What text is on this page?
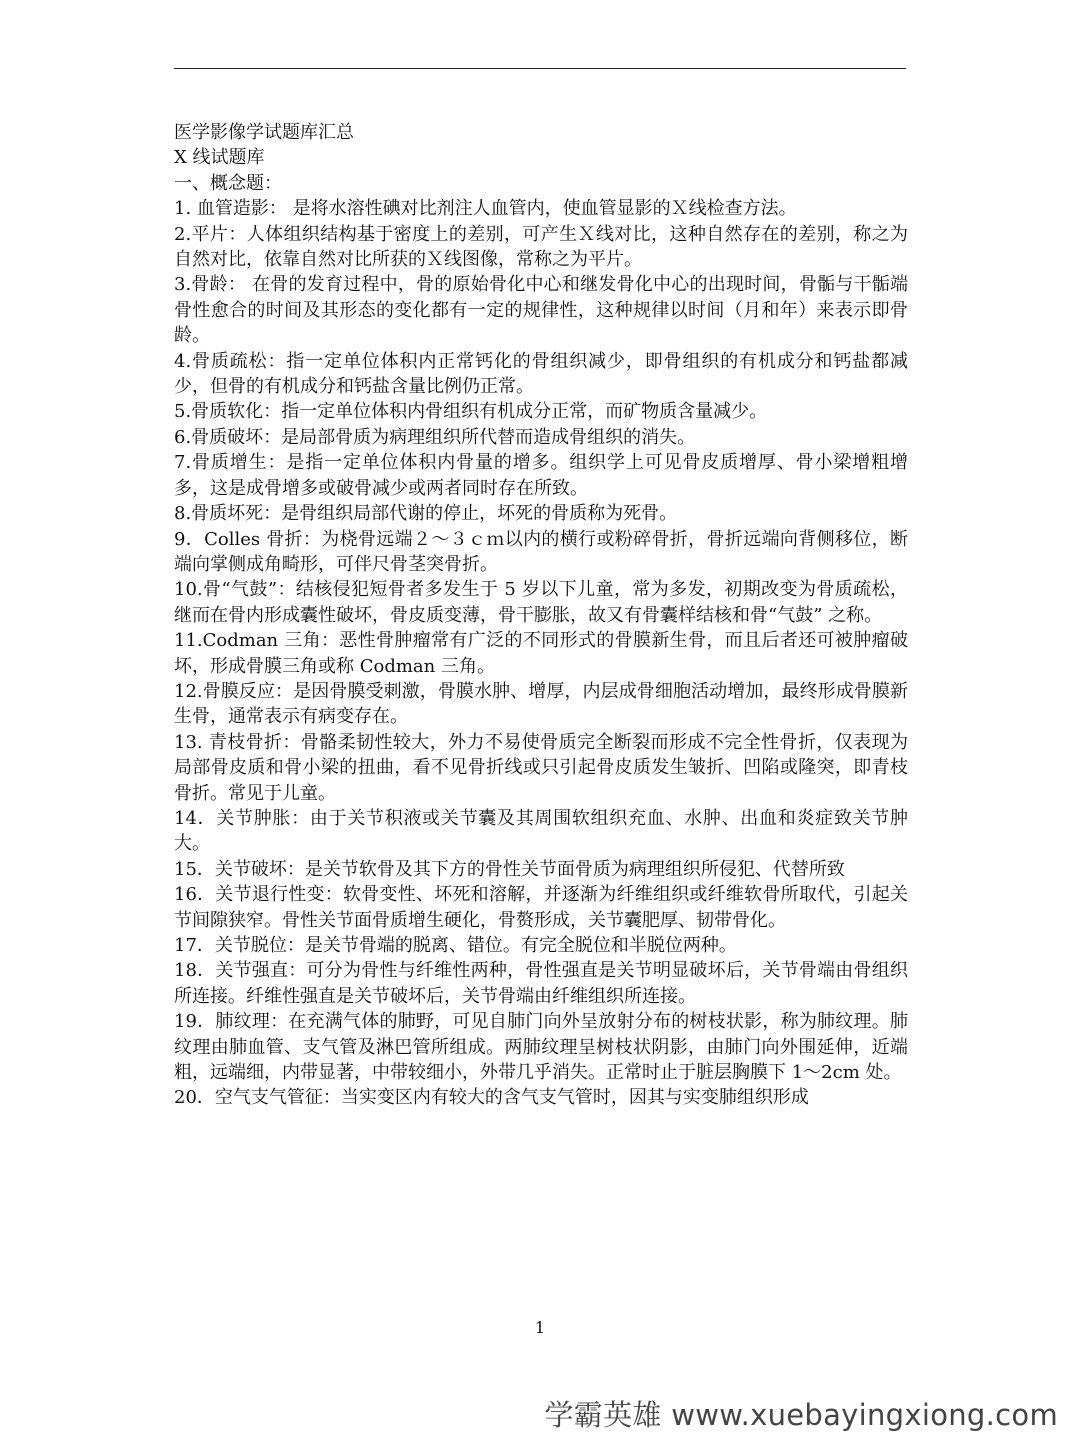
医学影像学试题库汇总

X 线试题库

一、概念题：

1. 血管造影： 是将水溶性碘对比剂注人血管内，使血管显影的Ｘ线检查方法。

2.平片：人体组织结构基于密度上的差别，可产生Ｘ线对比，这种自然存在的差别，称之为自然对比，依靠自然对比所获的Ｘ线图像，常称之为平片。

3.骨龄： 在骨的发育过程中，骨的原始骨化中心和继发骨化中心的出现时间，骨骺与干骺端骨性愈合的时间及其形态的变化都有一定的规律性，这种规律以时间（月和年）来表示即骨龄。

4.骨质疏松：指一定单位体积内正常钙化的骨组织减少，即骨组织的有机成分和钙盐都减少，但骨的有机成分和钙盐含量比例仍正常。

5.骨质软化：指一定单位体积内骨组织有机成分正常，而矿物质含量减少。

6.骨质破坏：是局部骨质为病理组织所代替而造成骨组织的消失。

7.骨质增生：是指一定单位体积内骨量的增多。组织学上可见骨皮质增厚、骨小梁增粗增多，这是成骨增多或破骨减少或两者同时存在所致。

8.骨质坏死：是骨组织局部代谢的停止，坏死的骨质称为死骨。

9．Colles 骨折：为桡骨远端２～３ｃｍ以内的横行或粉碎骨折，骨折远端向背侧移位，断端向掌侧成角畸形，可伴尺骨茎突骨折。

10.骨“气鼓”：结核侵犯短骨者多发生于 5 岁以下儿童，常为多发，初期改变为骨质疏松，继而在骨内形成囊性破坏，骨皮质变薄，骨干膨胀，故又有骨囊样结核和骨“气鼓” 之称。

11.Codman 三角：恶性骨肿瘤常有广泛的不同形式的骨膜新生骨，而且后者还可被肿瘤破坏，形成骨膜三角或称 Codman 三角。

12.骨膜反应：是因骨膜受刺激，骨膜水肿、增厚，内层成骨细胞活动增加，最终形成骨膜新生骨，通常表示有病变存在。

13. 青枝骨折：骨骼柔韧性较大，外力不易使骨质完全断裂而形成不完全性骨折，仅表现为局部骨皮质和骨小梁的扭曲，看不见骨折线或只引起骨皮质发生皱折、凹陷或隆突，即青枝骨折。常见于儿童。

14．关节肿胀：由于关节积液或关节囊及其周围软组织充血、水肿、出血和炎症致关节肿大。

15．关节破坏：是关节软骨及其下方的骨性关节面骨质为病理组织所侵犯、代替所致

16．关节退行性变：软骨变性、坏死和溶解，并逐渐为纤维组织或纤维软骨所取代，引起关节间隙狭窄。骨性关节面骨质增生硬化，骨赘形成，关节囊肥厚、韧带骨化。

17．关节脱位：是关节骨端的脱离、错位。有完全脱位和半脱位两种。

18．关节强直：可分为骨性与纤维性两种，骨性强直是关节明显破坏后，关节骨端由骨组织所连接。纤维性强直是关节破坏后，关节骨端由纤维组织所连接。

19．肺纹理：在充满气体的肺野，可见自肺门向外呈放射分布的树枝状影，称为肺纹理。肺纹理由肺血管、支气管及淋巴管所组成。两肺纹理呈树枝状阴影，由肺门向外围延伸，近端粗，远端细，内带显著，中带较细小，外带几乎消失。正常时止于脏层胸膜下 1～2cm 处。

20．空气支气管征：当实变区内有较大的含气支气管时，因其与实变肺组织形成

1
学霸英雄 www.xuebayingxiong.com
